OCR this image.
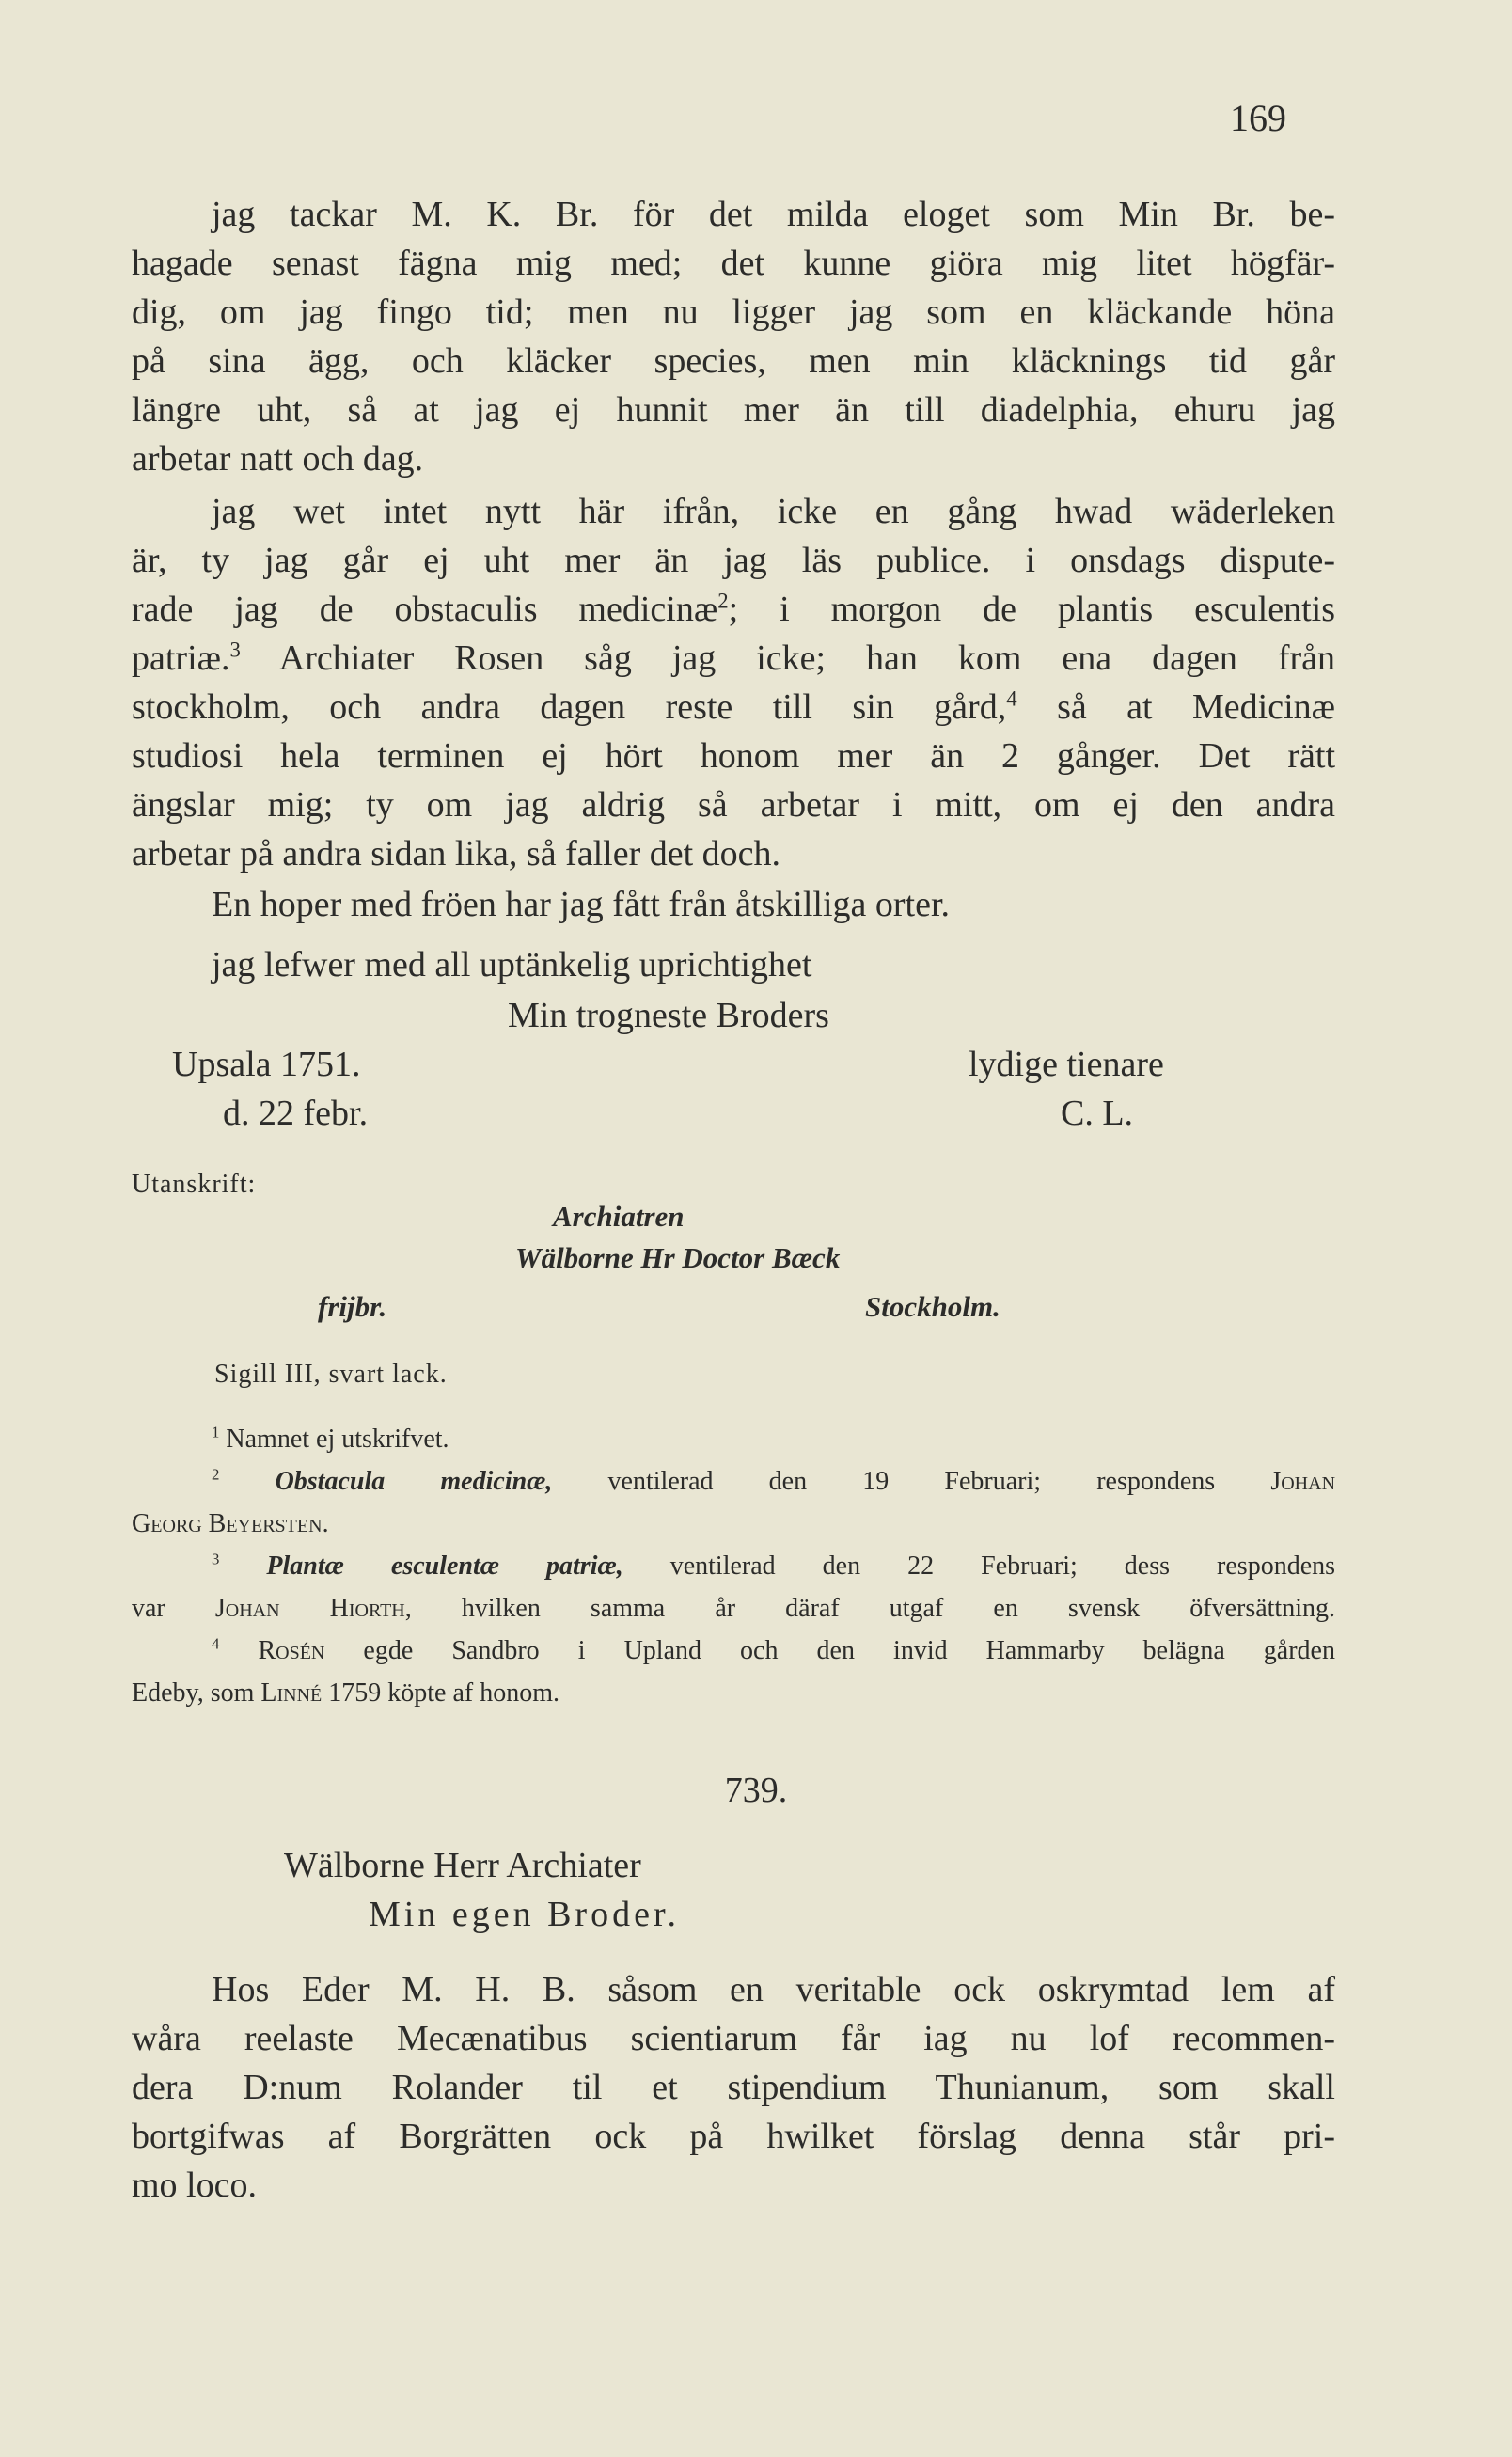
169
jag tackar M. K. Br. för det milda eloget som Min Br. be-
hagade senast fägna mig med; det kunne giöra mig litet högfär-
dig, om jag fingo tid; men nu ligger jag som en kläckande höna
på sina ägg, och kläcker species, men min kläcknings tid går
längre uht, så at jag ej hunnit mer än till diadelphia, ehuru jag
arbetar natt och dag.
jag wet intet nytt här ifrån, icke en gång hwad wäderleken
är, ty jag går ej uht mer än jag läs publice. i onsdags dispute-
rade jag de obstaculis medicinæ$^2$; i morgon de plantis esculentis
patriæ.$^3$ Archiater Rosen såg jag icke; han kom ena dagen från
stockholm, och andra dagen reste till sin gård,$^4$ så at Medicinæ
studiosi hela terminen ej hört honom mer än 2 gånger. Det rätt
ängslar mig; ty om jag aldrig så arbetar i mitt, om ej den andra
arbetar på andra sidan lika, så faller det doch.
En hoper med fröen har jag fått från åtskilliga orter.
jag lefwer med all uptänkelig uprichtighet
Min trogneste Broders
Upsala 1751.	lydige tienare
d. 22 febr.	C. L.
Utanskrift:
Archiatren
Wälborne Hr Doctor Bæck
frijbr.	Stockholm.
Sigill III, svart lack.
$^1$ Namnet ej utskrifvet.
$^2$ Obstacula medicinæ, ventilerad den 19 Februari; respondens Johan
Georg Beyersten.
$^3$ Plantæ esculentæ patriæ, ventilerad den 22 Februari; dess respondens
var Johan Hiorth, hvilken samma år däraf utgaf en svensk öfversättning.
$^4$ Rosén egde Sandbro i Upland och den invid Hammarby belägna gården
Edeby, som Linné 1759 köpte af honom.
739.
Wälborne Herr Archiater
Min egen Broder.
Hos Eder M. H. B. såsom en veritable ock oskrymtad lem af
wåra reelaste Mecænatibus scientiarum får iag nu lof recommen-
dera D:num Rolander til et stipendium Thunianum, som skall
bortgifwas af Borgrätten ock på hwilket förslag denna står pri-
mo loco.
